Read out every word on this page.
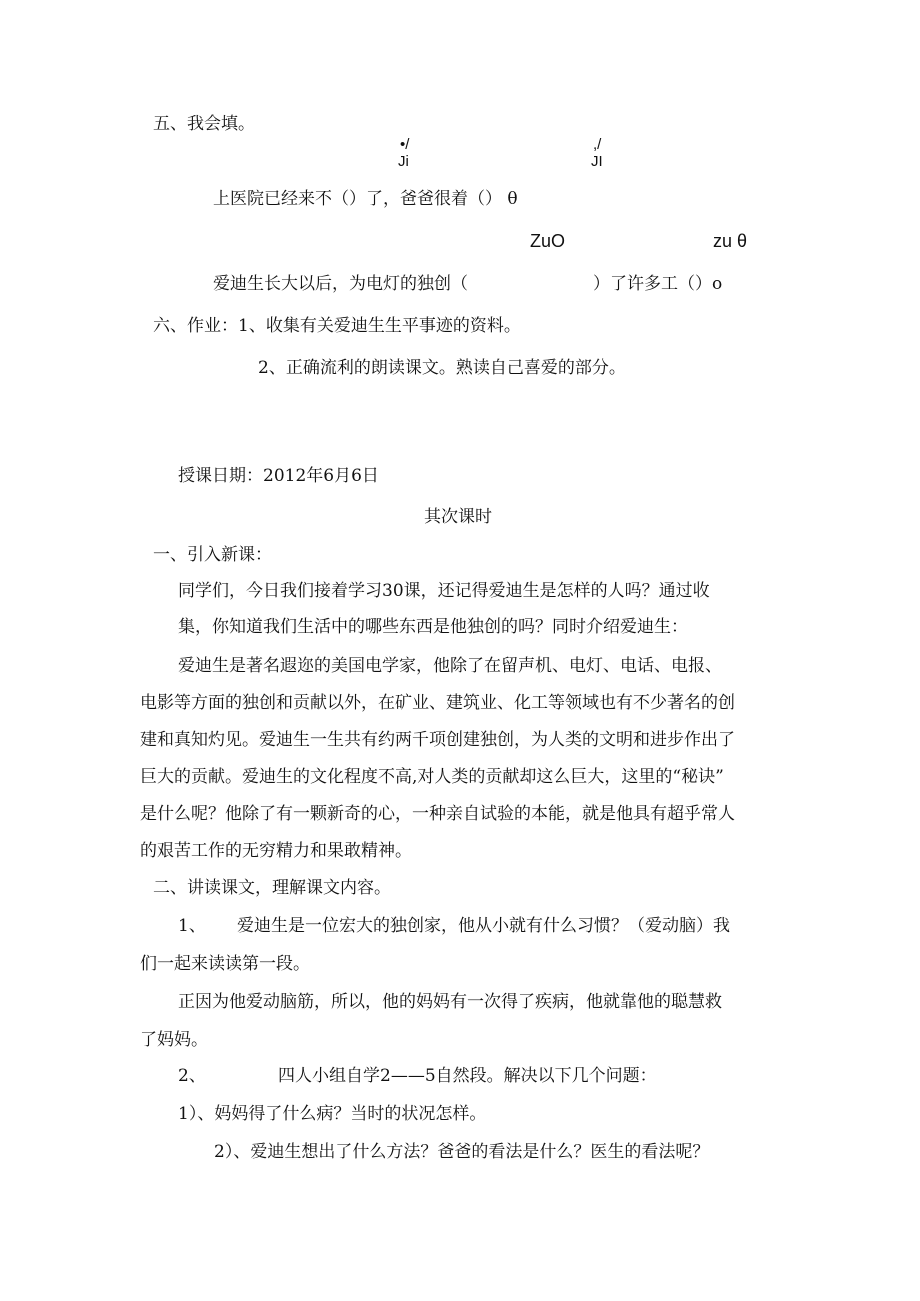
五、我会填。
•/
Ji
,/
JI
上医院已经来不（）了，爸爸很着（） θ
ZuO	zu θ
爱迪生长大以后，为电灯的独创（	）了许多工（）o
六、作业：1、收集有关爱迪生生平事迹的资料。
2、正确流利的朗读课文。熟读自己喜爱的部分。
授课日期：2012年6月6日
其次课时
一、引入新课：
同学们，今日我们接着学习30课，还记得爱迪生是怎样的人吗？通过收
集，你知道我们生活中的哪些东西是他独创的吗？同时介绍爱迪生：
爱迪生是著名遐迩的美国电学家，他除了在留声机、电灯、电话、电报、
电影等方面的独创和贡献以外，在矿业、建筑业、化工等领域也有不少著名的创
建和真知灼见。爱迪生一生共有约两千项创建独创，为人类的文明和进步作出了
巨大的贡献。爱迪生的文化程度不高,对人类的贡献却这么巨大，这里的“秘诀”
是什么呢？他除了有一颗新奇的心，一种亲自试验的本能，就是他具有超乎常人
的艰苦工作的无穷精力和果敢精神。
二、讲读课文，理解课文内容。
1、 爱迪生是一位宏大的独创家，他从小就有什么习惯？（爱动脑）我
们一起来读读第一段。
正因为他爱动脑筋，所以，他的妈妈有一次得了疾病，他就靠他的聪慧救
了妈妈。
2、	四人小组自学2——5自然段。解决以下几个问题：
1）、妈妈得了什么病？当时的状况怎样。
2）、爱迪生想出了什么方法？爸爸的看法是什么？医生的看法呢？
